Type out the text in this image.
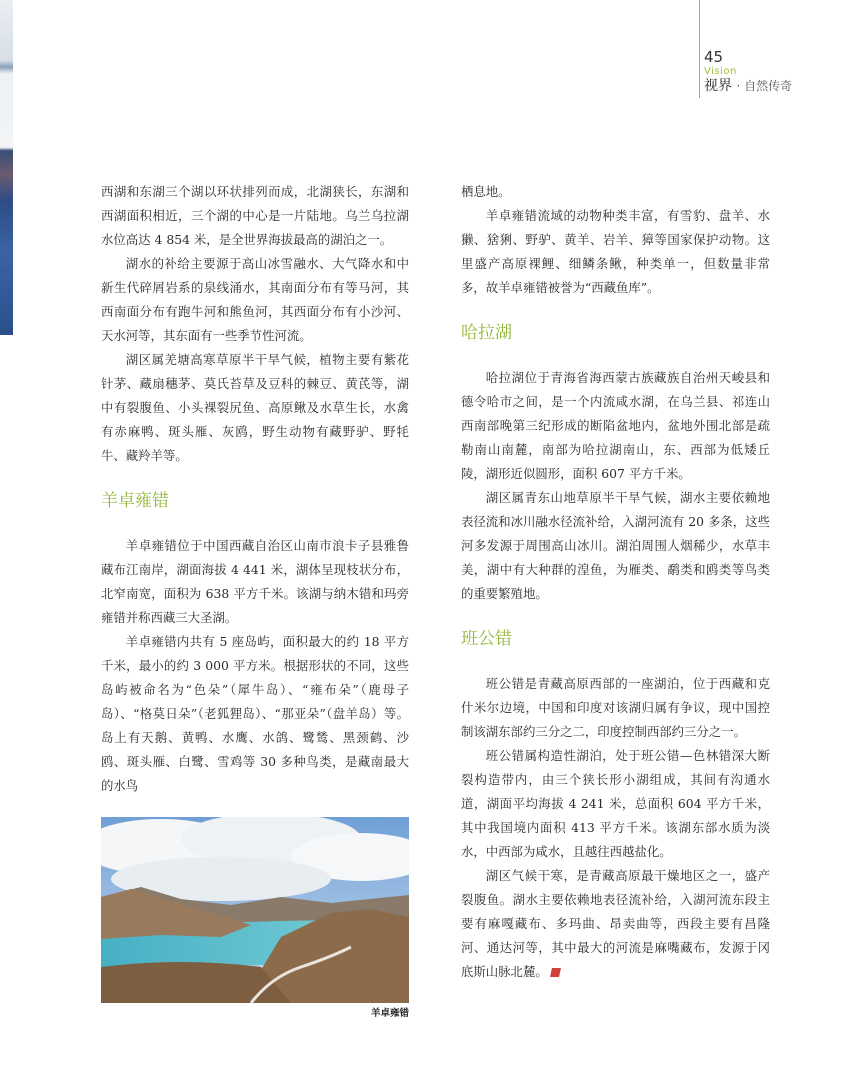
45
Vision
视界 · 自然传奇

西湖和东湖三个湖以环状排列而成，北湖狭长，东湖和西湖面积相近，三个湖的中心是一片陆地。乌兰乌拉湖水位高达 4 854 米，是全世界海拔最高的湖泊之一。

湖水的补给主要源于高山冰雪融水、大气降水和中新生代碎屑岩系的泉线涌水，其南面分布有等马河，其西南面分布有跑牛河和熊鱼河，其西面分布有小沙河、天水河等，其东面有一些季节性河流。

湖区属羌塘高寒草原半干旱气候，植物主要有紫花针茅、藏扇穗茅、莫氏苔草及豆科的棘豆、黄芪等，湖中有裂腹鱼、小头裸裂尻鱼、高原鳅及水草生长，水禽有赤麻鸭、斑头雁、灰鸥，野生动物有藏野驴、野牦牛、藏羚羊等。

羊卓雍错

羊卓雍错位于中国西藏自治区山南市浪卡子县雅鲁藏布江南岸，湖面海拔 4 441 米，湖体呈现枝状分布，北窄南宽，面积为 638 平方千米。该湖与纳木错和玛旁雍错并称西藏三大圣湖。

羊卓雍错内共有 5 座岛屿，面积最大的约 18 平方千米，最小的约 3 000 平方米。根据形状的不同，这些岛屿被命名为“色朵”（犀牛岛）、“雍布朵”（鹿母子岛）、“格莫日朵”（老狐狸岛）、“那亚朵”（盘羊岛）等。岛上有天鹅、黄鸭、水鹰、水鸽、鹭鸶、黑颈鹤、沙鸥、斑头雁、白鹭、雪鸡等 30 多种鸟类，是藏南最大的水鸟

羊卓雍错

栖息地。

羊卓雍错流域的动物种类丰富，有雪豹、盘羊、水獭、猞猁、野驴、黄羊、岩羊、獐等国家保护动物。这里盛产高原裸鲤、细鳞条鳅，种类单一，但数量非常多，故羊卓雍错被誉为“西藏鱼库”。

哈拉湖

哈拉湖位于青海省海西蒙古族藏族自治州天峻县和德令哈市之间，是一个内流咸水湖，在乌兰县、祁连山西南部晚第三纪形成的断陷盆地内，盆地外围北部是疏勒南山南麓，南部为哈拉湖南山，东、西部为低矮丘陵，湖形近似圆形，面积 607 平方千米。

湖区属青东山地草原半干旱气候，湖水主要依赖地表径流和冰川融水径流补给，入湖河流有 20 多条，这些河多发源于周围高山冰川。湖泊周围人烟稀少，水草丰美，湖中有大种群的湟鱼，为雁类、鹬类和鸥类等鸟类的重要繁殖地。

班公错

班公错是青藏高原西部的一座湖泊，位于西藏和克什米尔边境，中国和印度对该湖归属有争议，现中国控制该湖东部约三分之二，印度控制西部约三分之一。

班公错属构造性湖泊，处于班公错—色林错深大断裂构造带内，由三个狭长形小湖组成，其间有沟通水道，湖面平均海拔 4 241 米，总面积 604 平方千米，其中我国境内面积 413 平方千米。该湖东部水质为淡水，中西部为咸水，且越往西越盐化。

湖区气候干寒，是青藏高原最干燥地区之一，盛产裂腹鱼。湖水主要依赖地表径流补给，入湖河流东段主要有麻嘎藏布、多玛曲、昂卖曲等，西段主要有昌隆河、通达河等，其中最大的河流是麻嘴藏布，发源于冈底斯山脉北麓。
